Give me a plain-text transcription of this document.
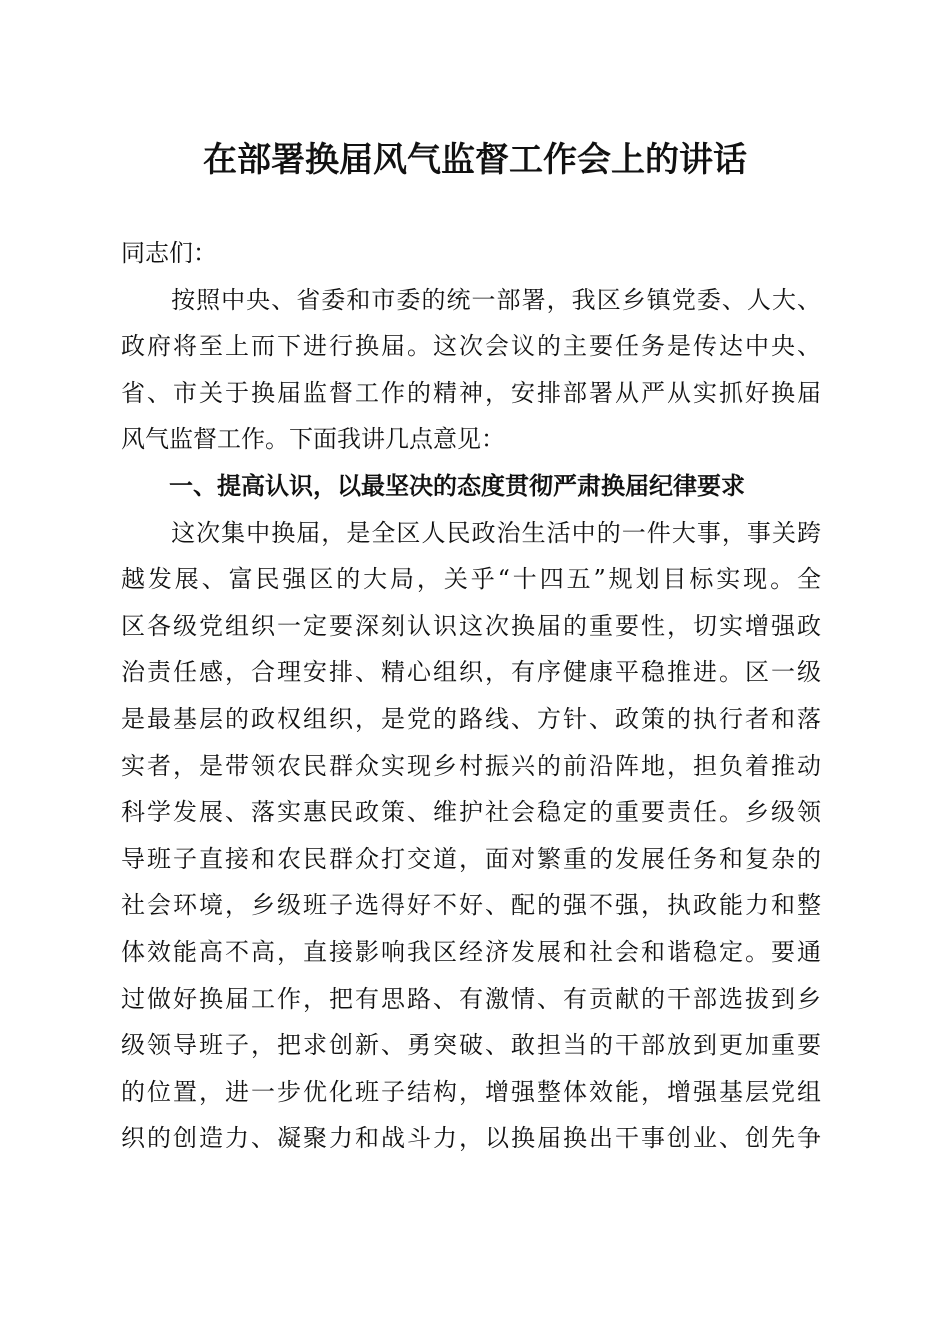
在部署换届风气监督工作会上的讲话

同志们：

　　按照中央、省委和市委的统一部署，我区乡镇党委、人大、

政府将至上而下进行换届。这次会议的主要任务是传达中央、

省、市关于换届监督工作的精神，安排部署从严从实抓好换届

风气监督工作。下面我讲几点意见：

　　一、提高认识，以最坚决的态度贯彻严肃换届纪律要求

　　这次集中换届，是全区人民政治生活中的一件大事，事关跨

越发展、富民强区的大局，关乎“十四五”规划目标实现。全

区各级党组织一定要深刻认识这次换届的重要性，切实增强政

治责任感，合理安排、精心组织，有序健康平稳推进。区一级

是最基层的政权组织，是党的路线、方针、政策的执行者和落

实者，是带领农民群众实现乡村振兴的前沿阵地，担负着推动

科学发展、落实惠民政策、维护社会稳定的重要责任。乡级领

导班子直接和农民群众打交道，面对繁重的发展任务和复杂的

社会环境，乡级班子选得好不好、配的强不强，执政能力和整

体效能高不高，直接影响我区经济发展和社会和谐稳定。要通

过做好换届工作，把有思路、有激情、有贡献的干部选拔到乡

级领导班子，把求创新、勇突破、敢担当的干部放到更加重要

的位置，进一步优化班子结构，增强整体效能，增强基层党组

织的创造力、凝聚力和战斗力，以换届换出干事创业、创先争
